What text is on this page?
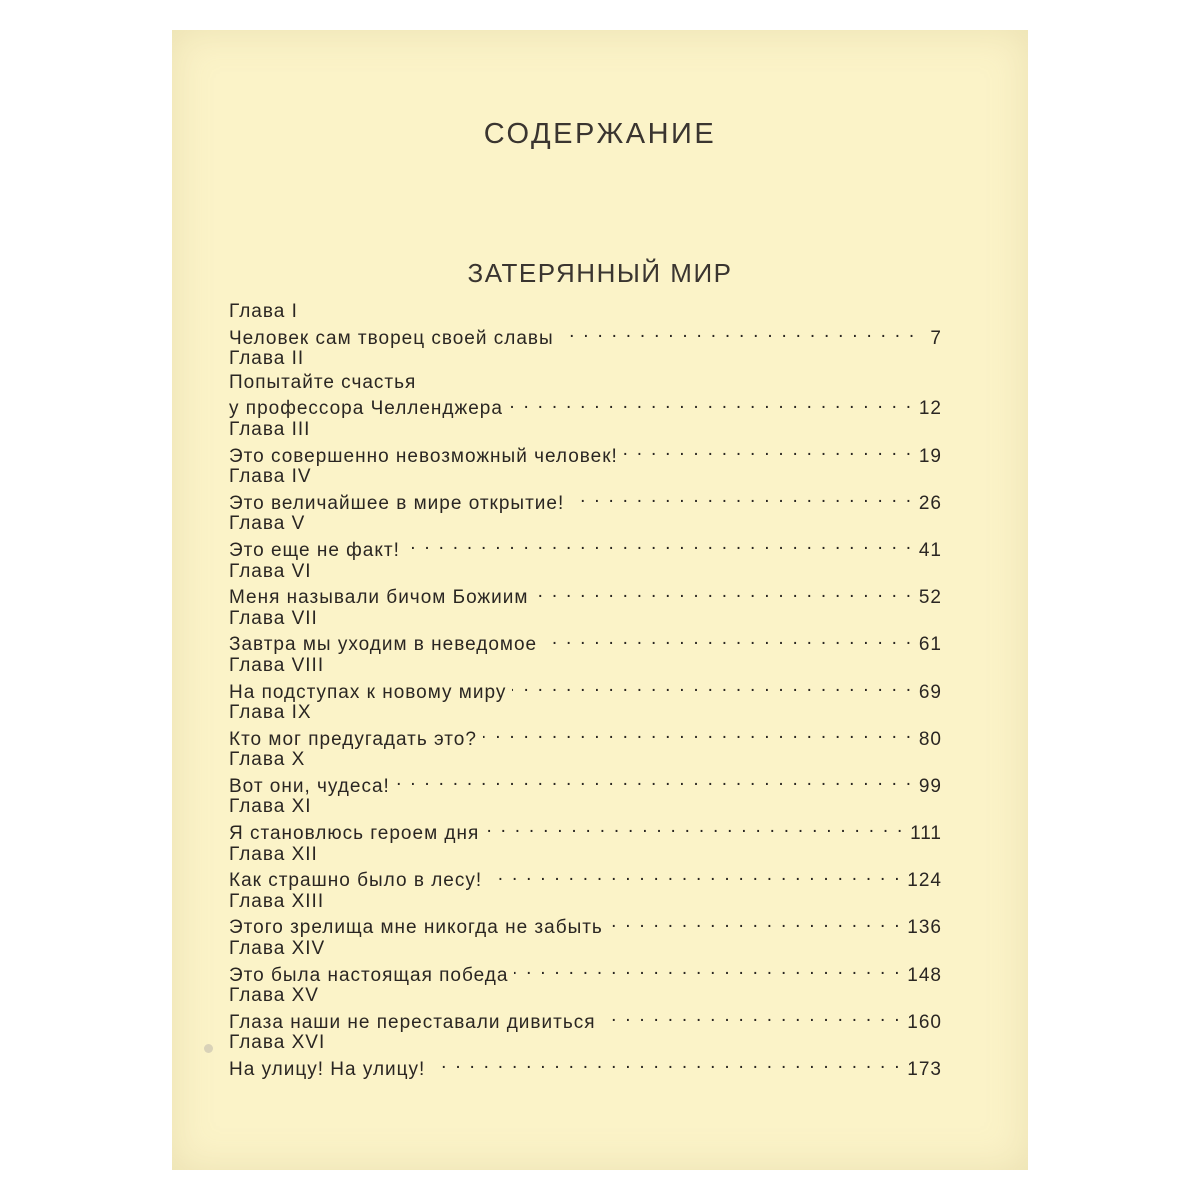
СОДЕРЖАНИЕ
ЗАТЕРЯННЫЙ МИР
Глава I
Человек сам творец своей славы . . .	7
Глава II
Попытайте счастья
у профессора Челленджера . . .	12
Глава III
Это совершенно невозможный человек! . . .	19
Глава IV
Это величайшее в мире открытие! . . .	26
Глава V
Это еще не факт! . . .	41
Глава VI
Меня называли бичом Божиим . . .	52
Глава VII
Завтра мы уходим в неведомое . . .	61
Глава VIII
На подступах к новому миру . . .	69
Глава IX
Кто мог предугадать это? . . .	80
Глава X
Вот они, чудеса! . . .	99
Глава XI
Я становлюсь героем дня . . .	111
Глава XII
Как страшно было в лесу! . . .	124
Глава XIII
Этого зрелища мне никогда не забыть . . .	136
Глава XIV
Это была настоящая победа . . .	148
Глава XV
Глаза наши не переставали дивиться . . .	160
Глава XVI
На улицу! На улицу! . . .	173
